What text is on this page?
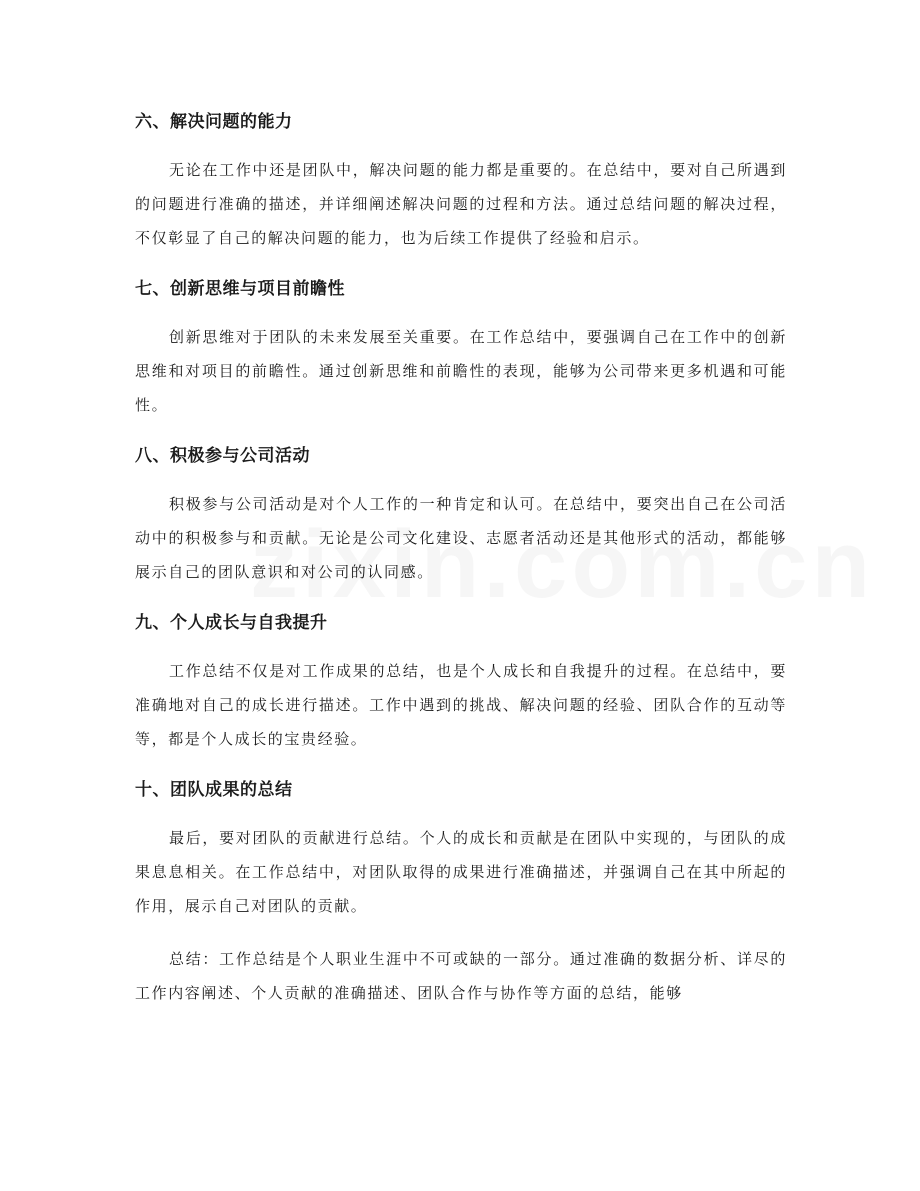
六、解决问题的能力

无论在工作中还是团队中，解决问题的能力都是重要的。在总结中，要对自己所遇到的问题进行准确的描述，并详细阐述解决问题的过程和方法。通过总结问题的解决过程，不仅彰显了自己的解决问题的能力，也为后续工作提供了经验和启示。

七、创新思维与项目前瞻性

创新思维对于团队的未来发展至关重要。在工作总结中，要强调自己在工作中的创新思维和对项目的前瞻性。通过创新思维和前瞻性的表现，能够为公司带来更多机遇和可能性。

八、积极参与公司活动

积极参与公司活动是对个人工作的一种肯定和认可。在总结中，要突出自己在公司活动中的积极参与和贡献。无论是公司文化建设、志愿者活动还是其他形式的活动，都能够展示自己的团队意识和对公司的认同感。

九、个人成长与自我提升

工作总结不仅是对工作成果的总结，也是个人成长和自我提升的过程。在总结中，要准确地对自己的成长进行描述。工作中遇到的挑战、解决问题的经验、团队合作的互动等等，都是个人成长的宝贵经验。

十、团队成果的总结

最后，要对团队的贡献进行总结。个人的成长和贡献是在团队中实现的，与团队的成果息息相关。在工作总结中，对团队取得的成果进行准确描述，并强调自己在其中所起的作用，展示自己对团队的贡献。

总结：工作总结是个人职业生涯中不可或缺的一部分。通过准确的数据分析、详尽的工作内容阐述、个人贡献的准确描述、团队合作与协作等方面的总结，能够
